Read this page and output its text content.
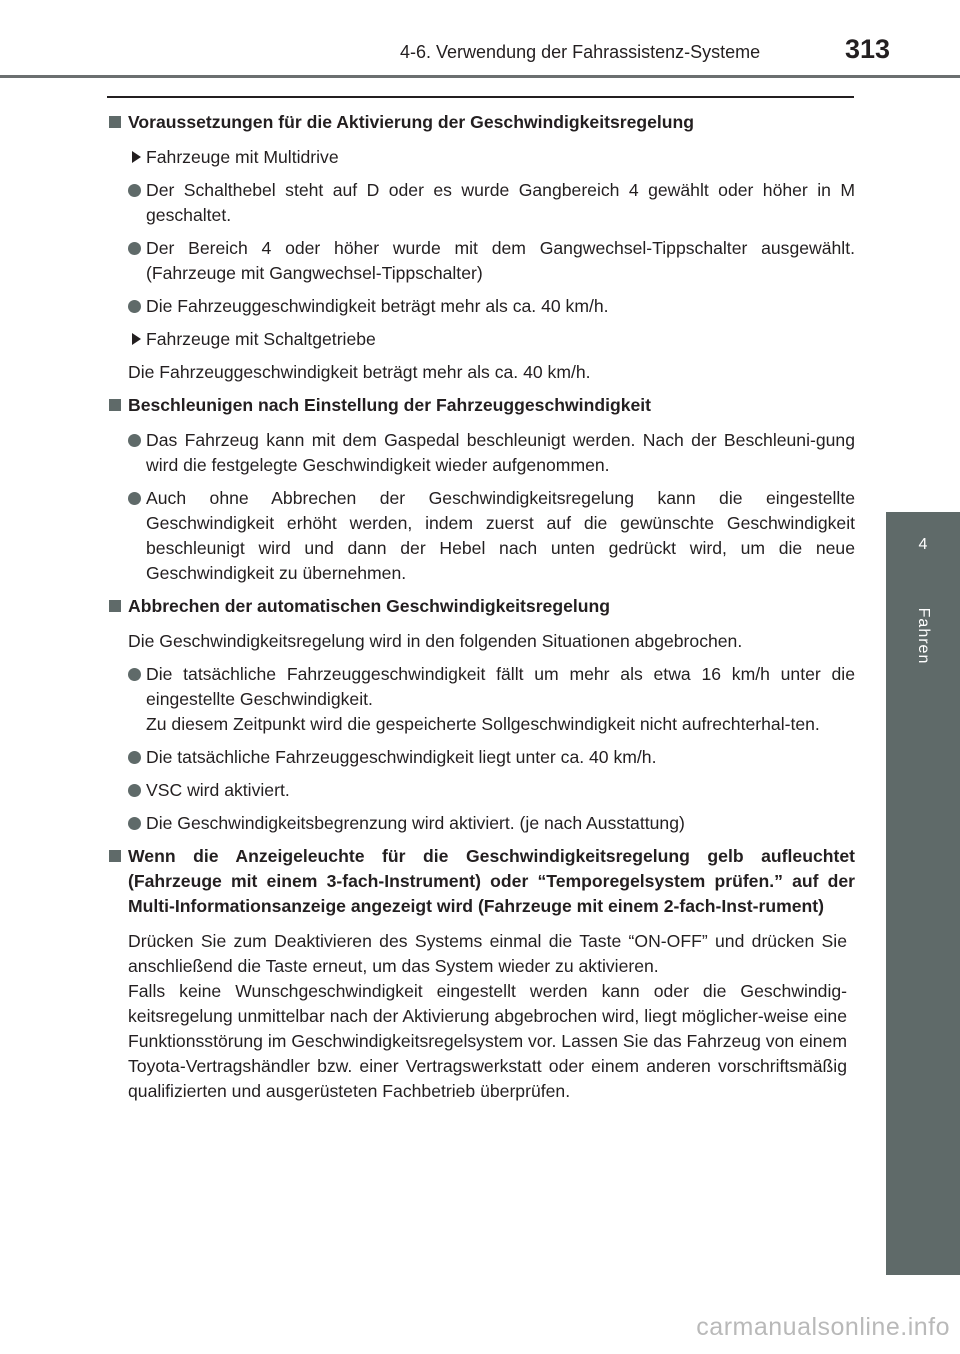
4-6. Verwendung der Fahrassistenz-Systeme	313
4
Fahren
Voraussetzungen für die Aktivierung der Geschwindigkeitsregelung
Fahrzeuge mit Multidrive
Der Schalthebel steht auf D oder es wurde Gangbereich 4 gewählt oder höher in M geschaltet.
Der Bereich 4 oder höher wurde mit dem Gangwechsel-Tippschalter ausgewählt. (Fahrzeuge mit Gangwechsel-Tippschalter)
Die Fahrzeuggeschwindigkeit beträgt mehr als ca. 40 km/h.
Fahrzeuge mit Schaltgetriebe
Die Fahrzeuggeschwindigkeit beträgt mehr als ca. 40 km/h.
Beschleunigen nach Einstellung der Fahrzeuggeschwindigkeit
Das Fahrzeug kann mit dem Gaspedal beschleunigt werden. Nach der Beschleuni-gung wird die festgelegte Geschwindigkeit wieder aufgenommen.
Auch ohne Abbrechen der Geschwindigkeitsregelung kann die eingestellte Geschwindigkeit erhöht werden, indem zuerst auf die gewünschte Geschwindigkeit beschleunigt wird und dann der Hebel nach unten gedrückt wird, um die neue Geschwindigkeit zu übernehmen.
Abbrechen der automatischen Geschwindigkeitsregelung
Die Geschwindigkeitsregelung wird in den folgenden Situationen abgebrochen.
Die tatsächliche Fahrzeuggeschwindigkeit fällt um mehr als etwa 16 km/h unter die eingestellte Geschwindigkeit.
Zu diesem Zeitpunkt wird die gespeicherte Sollgeschwindigkeit nicht aufrechterhal-ten.
Die tatsächliche Fahrzeuggeschwindigkeit liegt unter ca. 40 km/h.
VSC wird aktiviert.
Die Geschwindigkeitsbegrenzung wird aktiviert. (je nach Ausstattung)
Wenn die Anzeigeleuchte für die Geschwindigkeitsregelung gelb aufleuchtet (Fahrzeuge mit einem 3-fach-Instrument) oder “Temporegelsystem prüfen.” auf der Multi-Informationsanzeige angezeigt wird (Fahrzeuge mit einem 2-fach-Inst-rument)
Drücken Sie zum Deaktivieren des Systems einmal die Taste “ON-OFF” und drücken Sie anschließend die Taste erneut, um das System wieder zu aktivieren.
Falls keine Wunschgeschwindigkeit eingestellt werden kann oder die Geschwindig-keitsregelung unmittelbar nach der Aktivierung abgebrochen wird, liegt möglicher-weise eine Funktionsstörung im Geschwindigkeitsregelsystem vor. Lassen Sie das Fahrzeug von einem Toyota-Vertragshändler bzw. einer Vertragswerkstatt oder einem anderen vorschriftsmäßig qualifizierten und ausgerüsteten Fachbetrieb überprüfen.
carmanualsonline.info
